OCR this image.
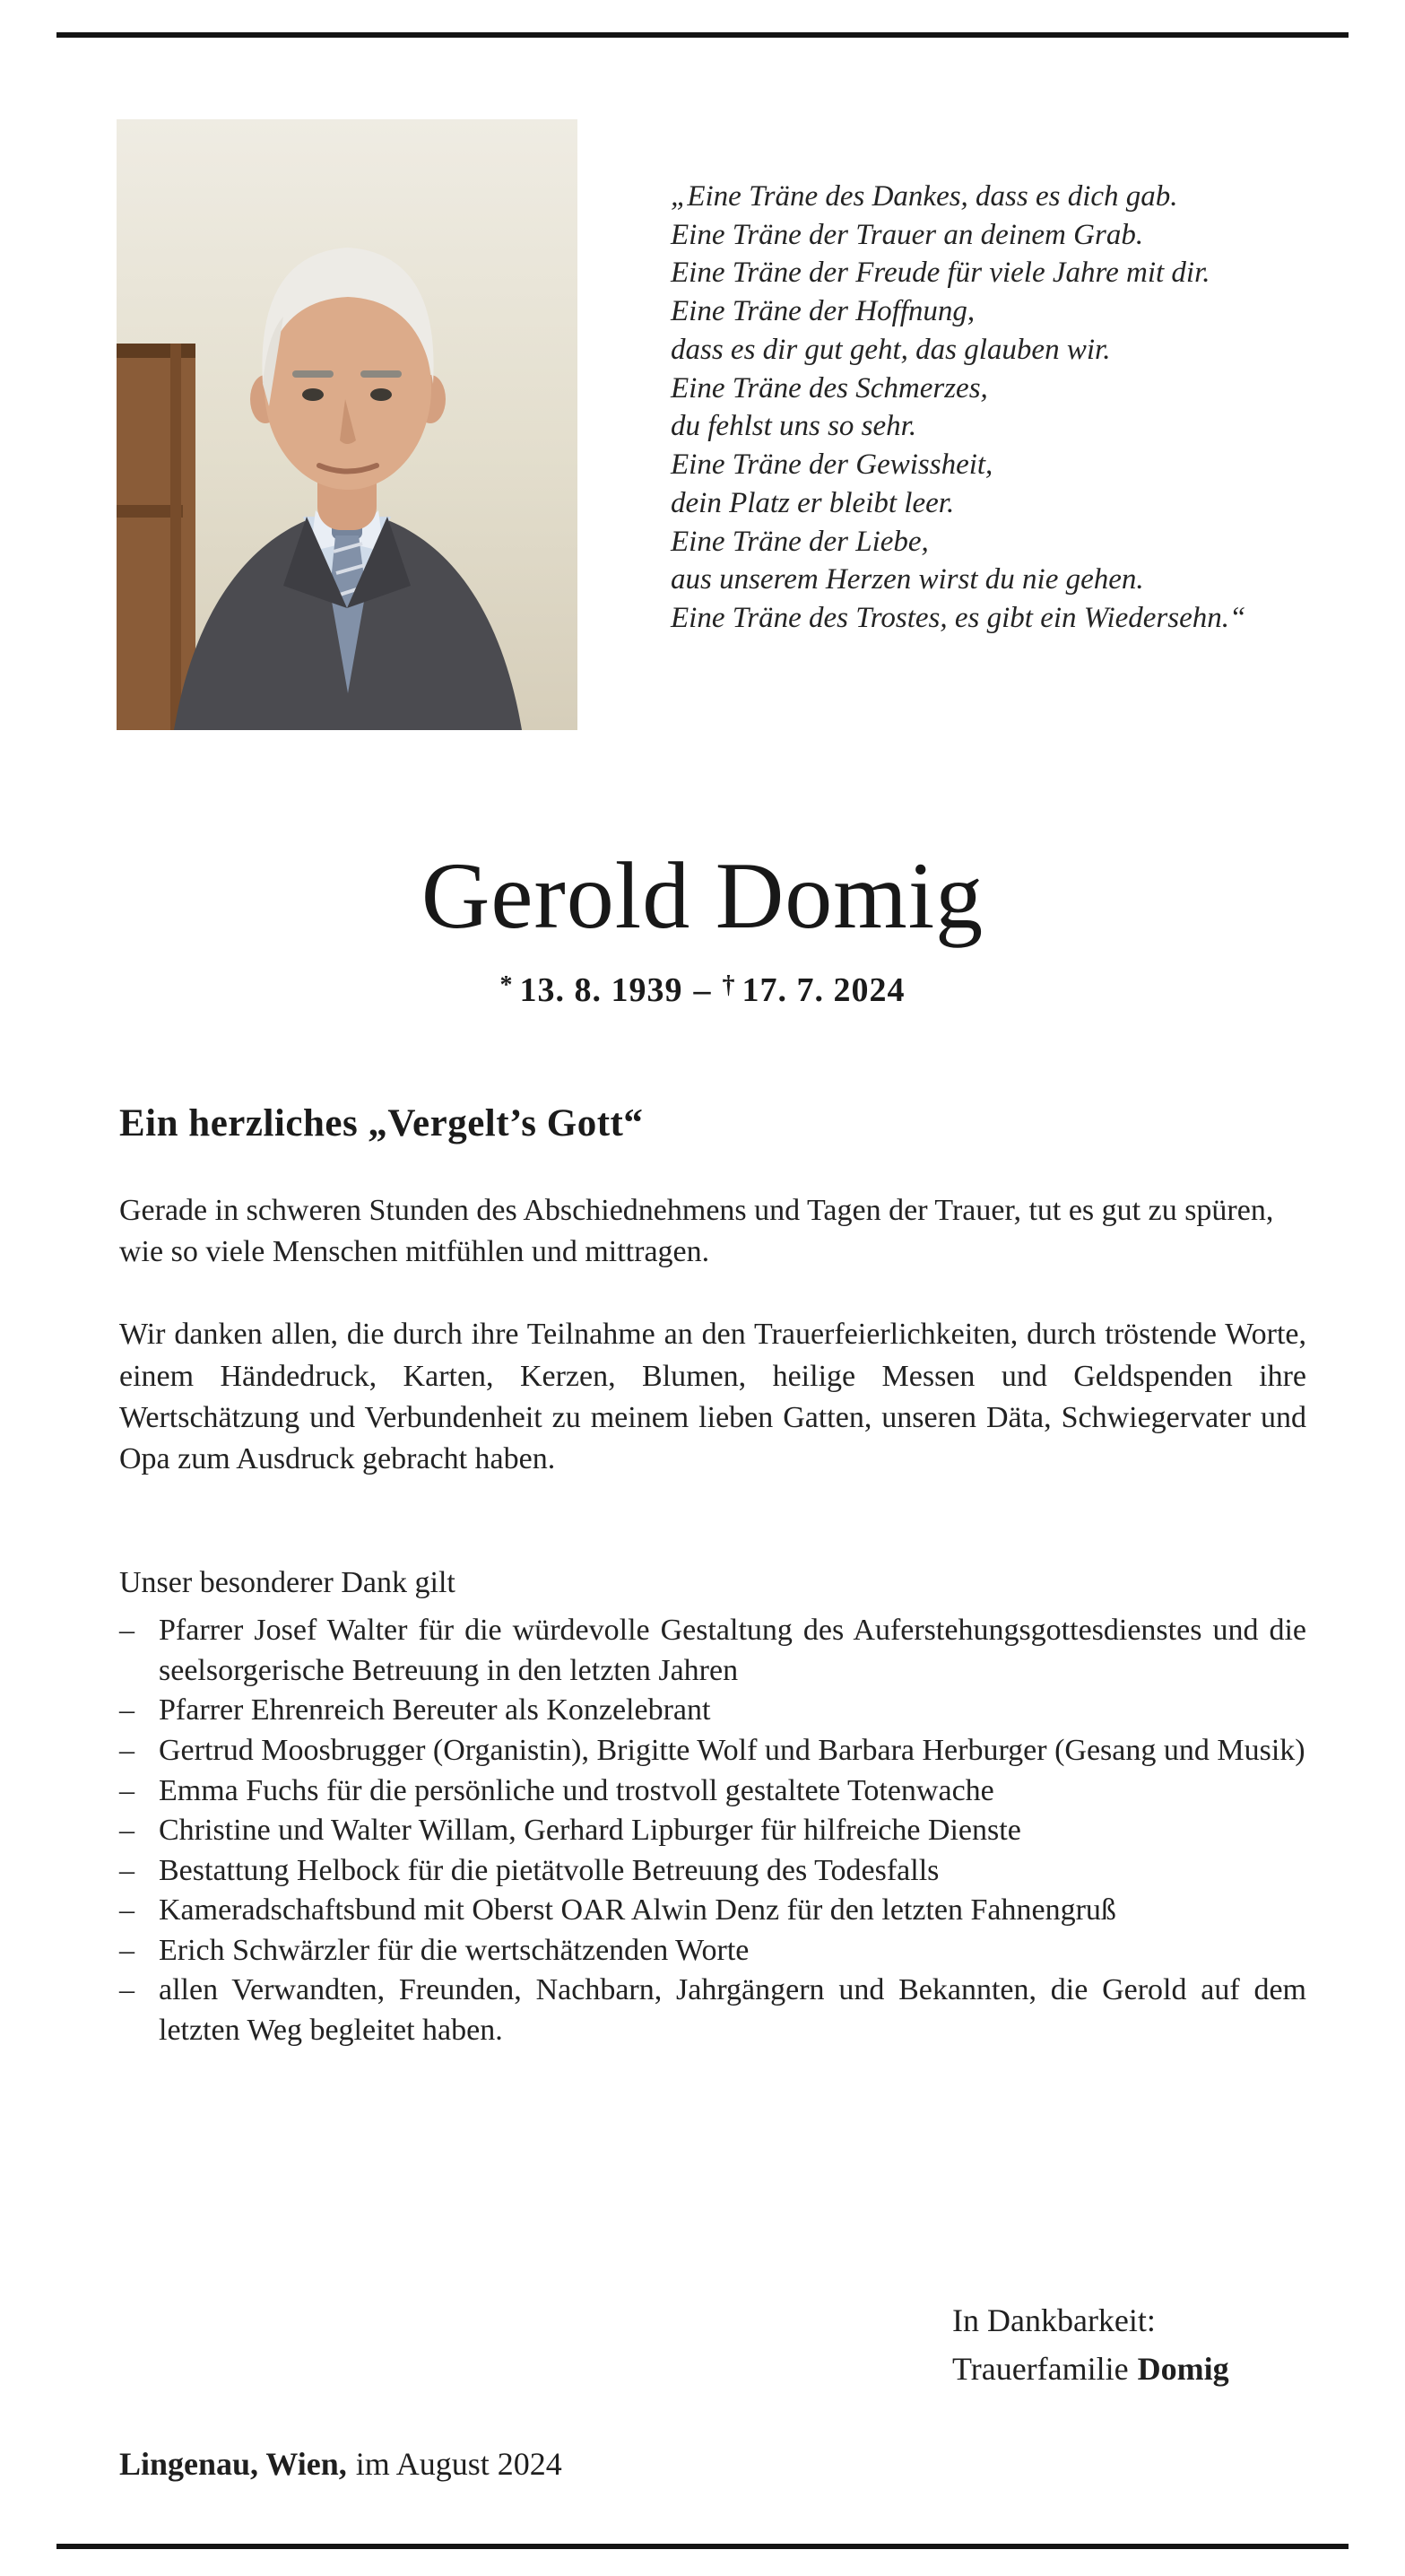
„Eine Träne des Dankes, dass es dich gab.
Eine Träne der Trauer an deinem Grab.
Eine Träne der Freude für viele Jahre mit dir.
Eine Träne der Hoffnung,
dass es dir gut geht, das glauben wir.
Eine Träne des Schmerzes,
du fehlst uns so sehr.
Eine Träne der Gewissheit,
dein Platz er bleibt leer.
Eine Träne der Liebe,
aus unserem Herzen wirst du nie gehen.
Eine Träne des Trostes, es gibt ein Wiedersehn.“
Gerold Domig
* 13. 8. 1939 – † 17. 7. 2024
Ein herzliches „Vergelt’s Gott“

Gerade in schweren Stunden des Abschiednehmens und Tagen der Trauer, tut es gut zu spüren, wie so viele Menschen mitfühlen und mittragen.

Wir danken allen, die durch ihre Teilnahme an den Trauerfeierlichkeiten, durch tröstende Worte, einem Händedruck, Karten, Kerzen, Blumen, heilige Messen und Geldspenden ihre Wertschätzung und Verbundenheit zu meinem lieben Gatten, unseren Däta, Schwiegervater und Opa zum Ausdruck gebracht haben.

Unser besonderer Dank gilt
– Pfarrer Josef Walter für die würdevolle Gestaltung des Auferstehungsgottesdienstes und die seelsorgerische Betreuung in den letzten Jahren
– Pfarrer Ehrenreich Bereuter als Konzelebrant
– Gertrud Moosbrugger (Organistin), Brigitte Wolf und Barbara Herburger (Gesang und Musik)
– Emma Fuchs für die persönliche und trostvoll gestaltete Totenwache
– Christine und Walter Willam, Gerhard Lipburger für hilfreiche Dienste
– Bestattung Helbock für die pietätvolle Betreuung des Todesfalls
– Kameradschaftsbund mit Oberst OAR Alwin Denz für den letzten Fahnengruß
– Erich Schwärzler für die wertschätzenden Worte
– allen Verwandten, Freunden, Nachbarn, Jahrgängern und Bekannten, die Gerold auf dem letzten Weg begleitet haben.
In Dankbarkeit:
Trauerfamilie Domig
Lingenau, Wien, im August 2024
